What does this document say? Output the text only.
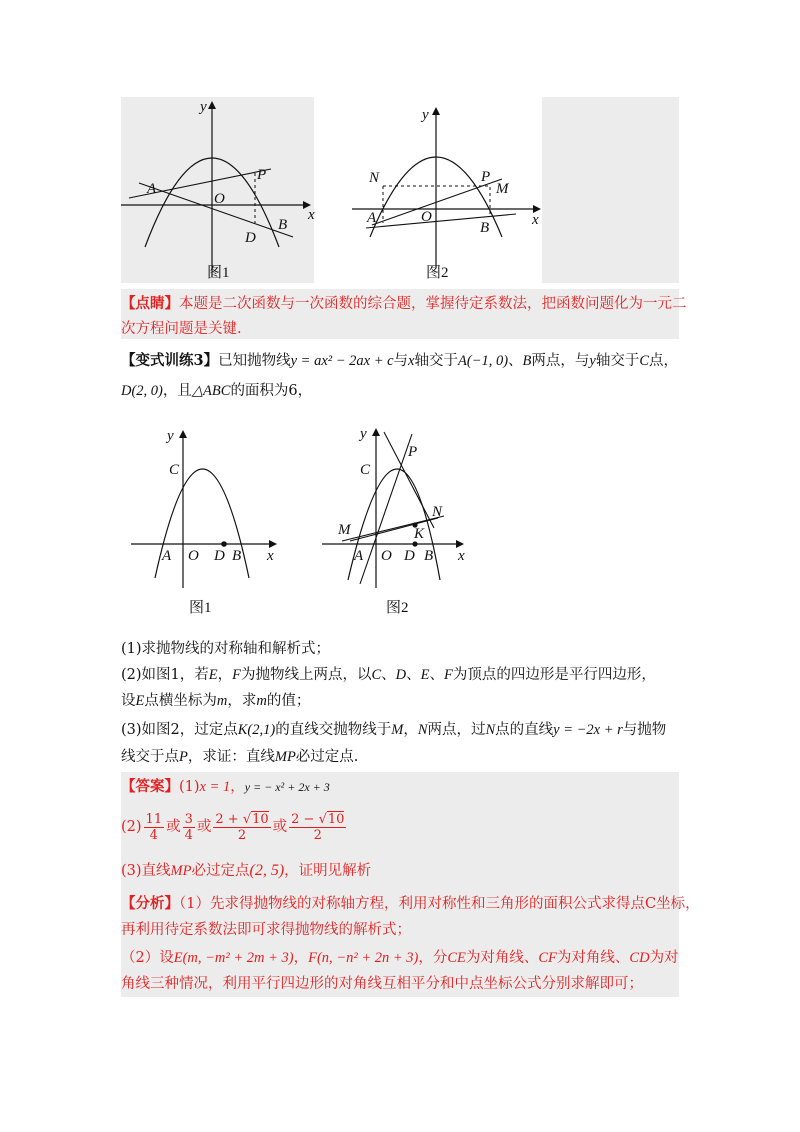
y
x
A
O
P
B
D
图1
y
x
N	P
M
A	O
B
图2
【点睛】本题是二次函数与一次函数的综合题，掌握待定系数法，把函数问题化为一元二
次方程问题是关键.
【变式训练3】已知抛物线y = ax² − 2ax + c与x轴交于A(−1, 0)、B两点，与y轴交于C点，
D(2, 0)，且△ABC的面积为6，
y
x
C
A O D B
图1
y
x
C
P
N
M	K
A O D B
图2
(1)求抛物线的对称轴和解析式；
(2)如图1，若E，F为抛物线上两点，以C、D、E、F为顶点的四边形是平行四边形，
设E点横坐标为m，求m的值；
(3)如图2，过定点K(2,1)的直线交抛物线于M，N两点，过N点的直线y = −2x + r与抛物
线交于点P，求证：直线MP必过定点.
【答案】(1)x = 1，y = − x² + 2x + 3
$(2) \frac{11}{4}$ 或 $\frac{3}{4}$ 或 $\frac{2 + √10}{2}$ 或 $\frac{2 - √10}{2}$
(3)直线MP必过定点(2, 5)，证明见解析
【分析】（1）先求得抛物线的对称轴方程，利用对称性和三角形的面积公式求得点C坐标，
再利用待定系数法即可求得抛物线的解析式；
（2）设E(m, −m² + 2m + 3)，F(n, −n² + 2n + 3)，分CE为对角线、CF为对角线、CD为对
角线三种情况，利用平行四边形的对角线互相平分和中点坐标公式分别求解即可；
